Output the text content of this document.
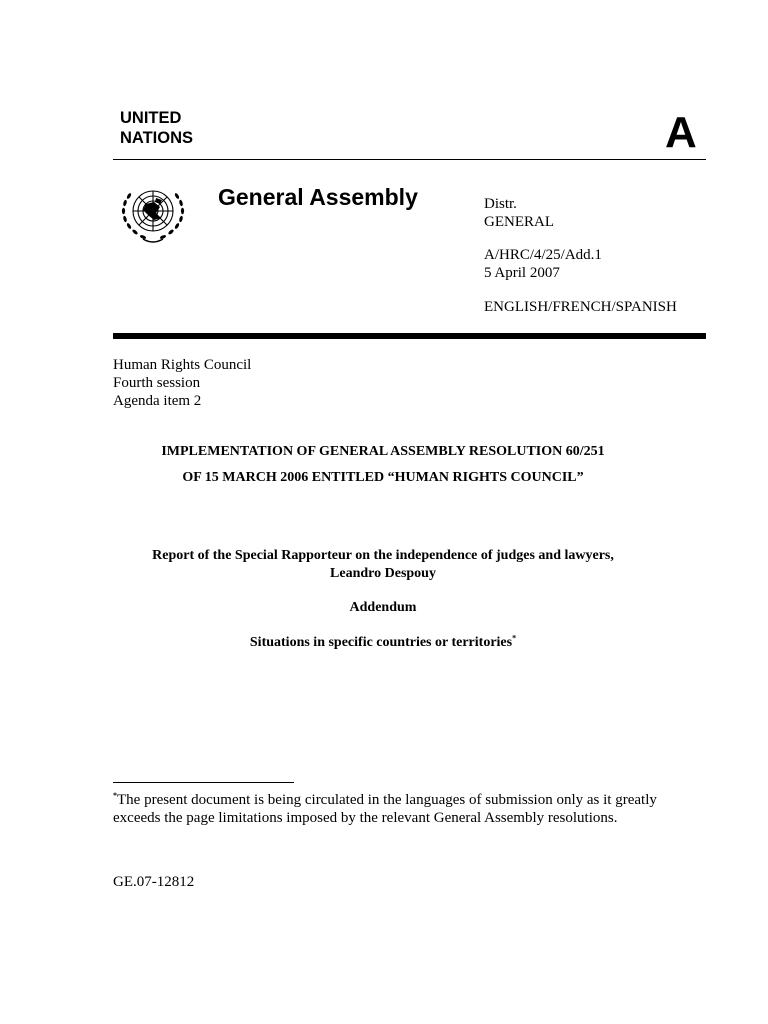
UNITED
NATIONS	A
General Assembly	Distr.
GENERAL
A/HRC/4/25/Add.1
5 April 2007
ENGLISH/FRENCH/SPANISH
Human Rights Council
Fourth session
Agenda item 2
IMPLEMENTATION OF GENERAL ASSEMBLY RESOLUTION 60/251
OF 15 MARCH 2006 ENTITLED “HUMAN RIGHTS COUNCIL”
Report of the Special Rapporteur on the independence of judges and lawyers,
Leandro Despouy
Addendum
Situations in specific countries or territories*
*The present document is being circulated in the languages of submission only as it greatly exceeds the page limitations imposed by the relevant General Assembly resolutions.
GE.07-12812
